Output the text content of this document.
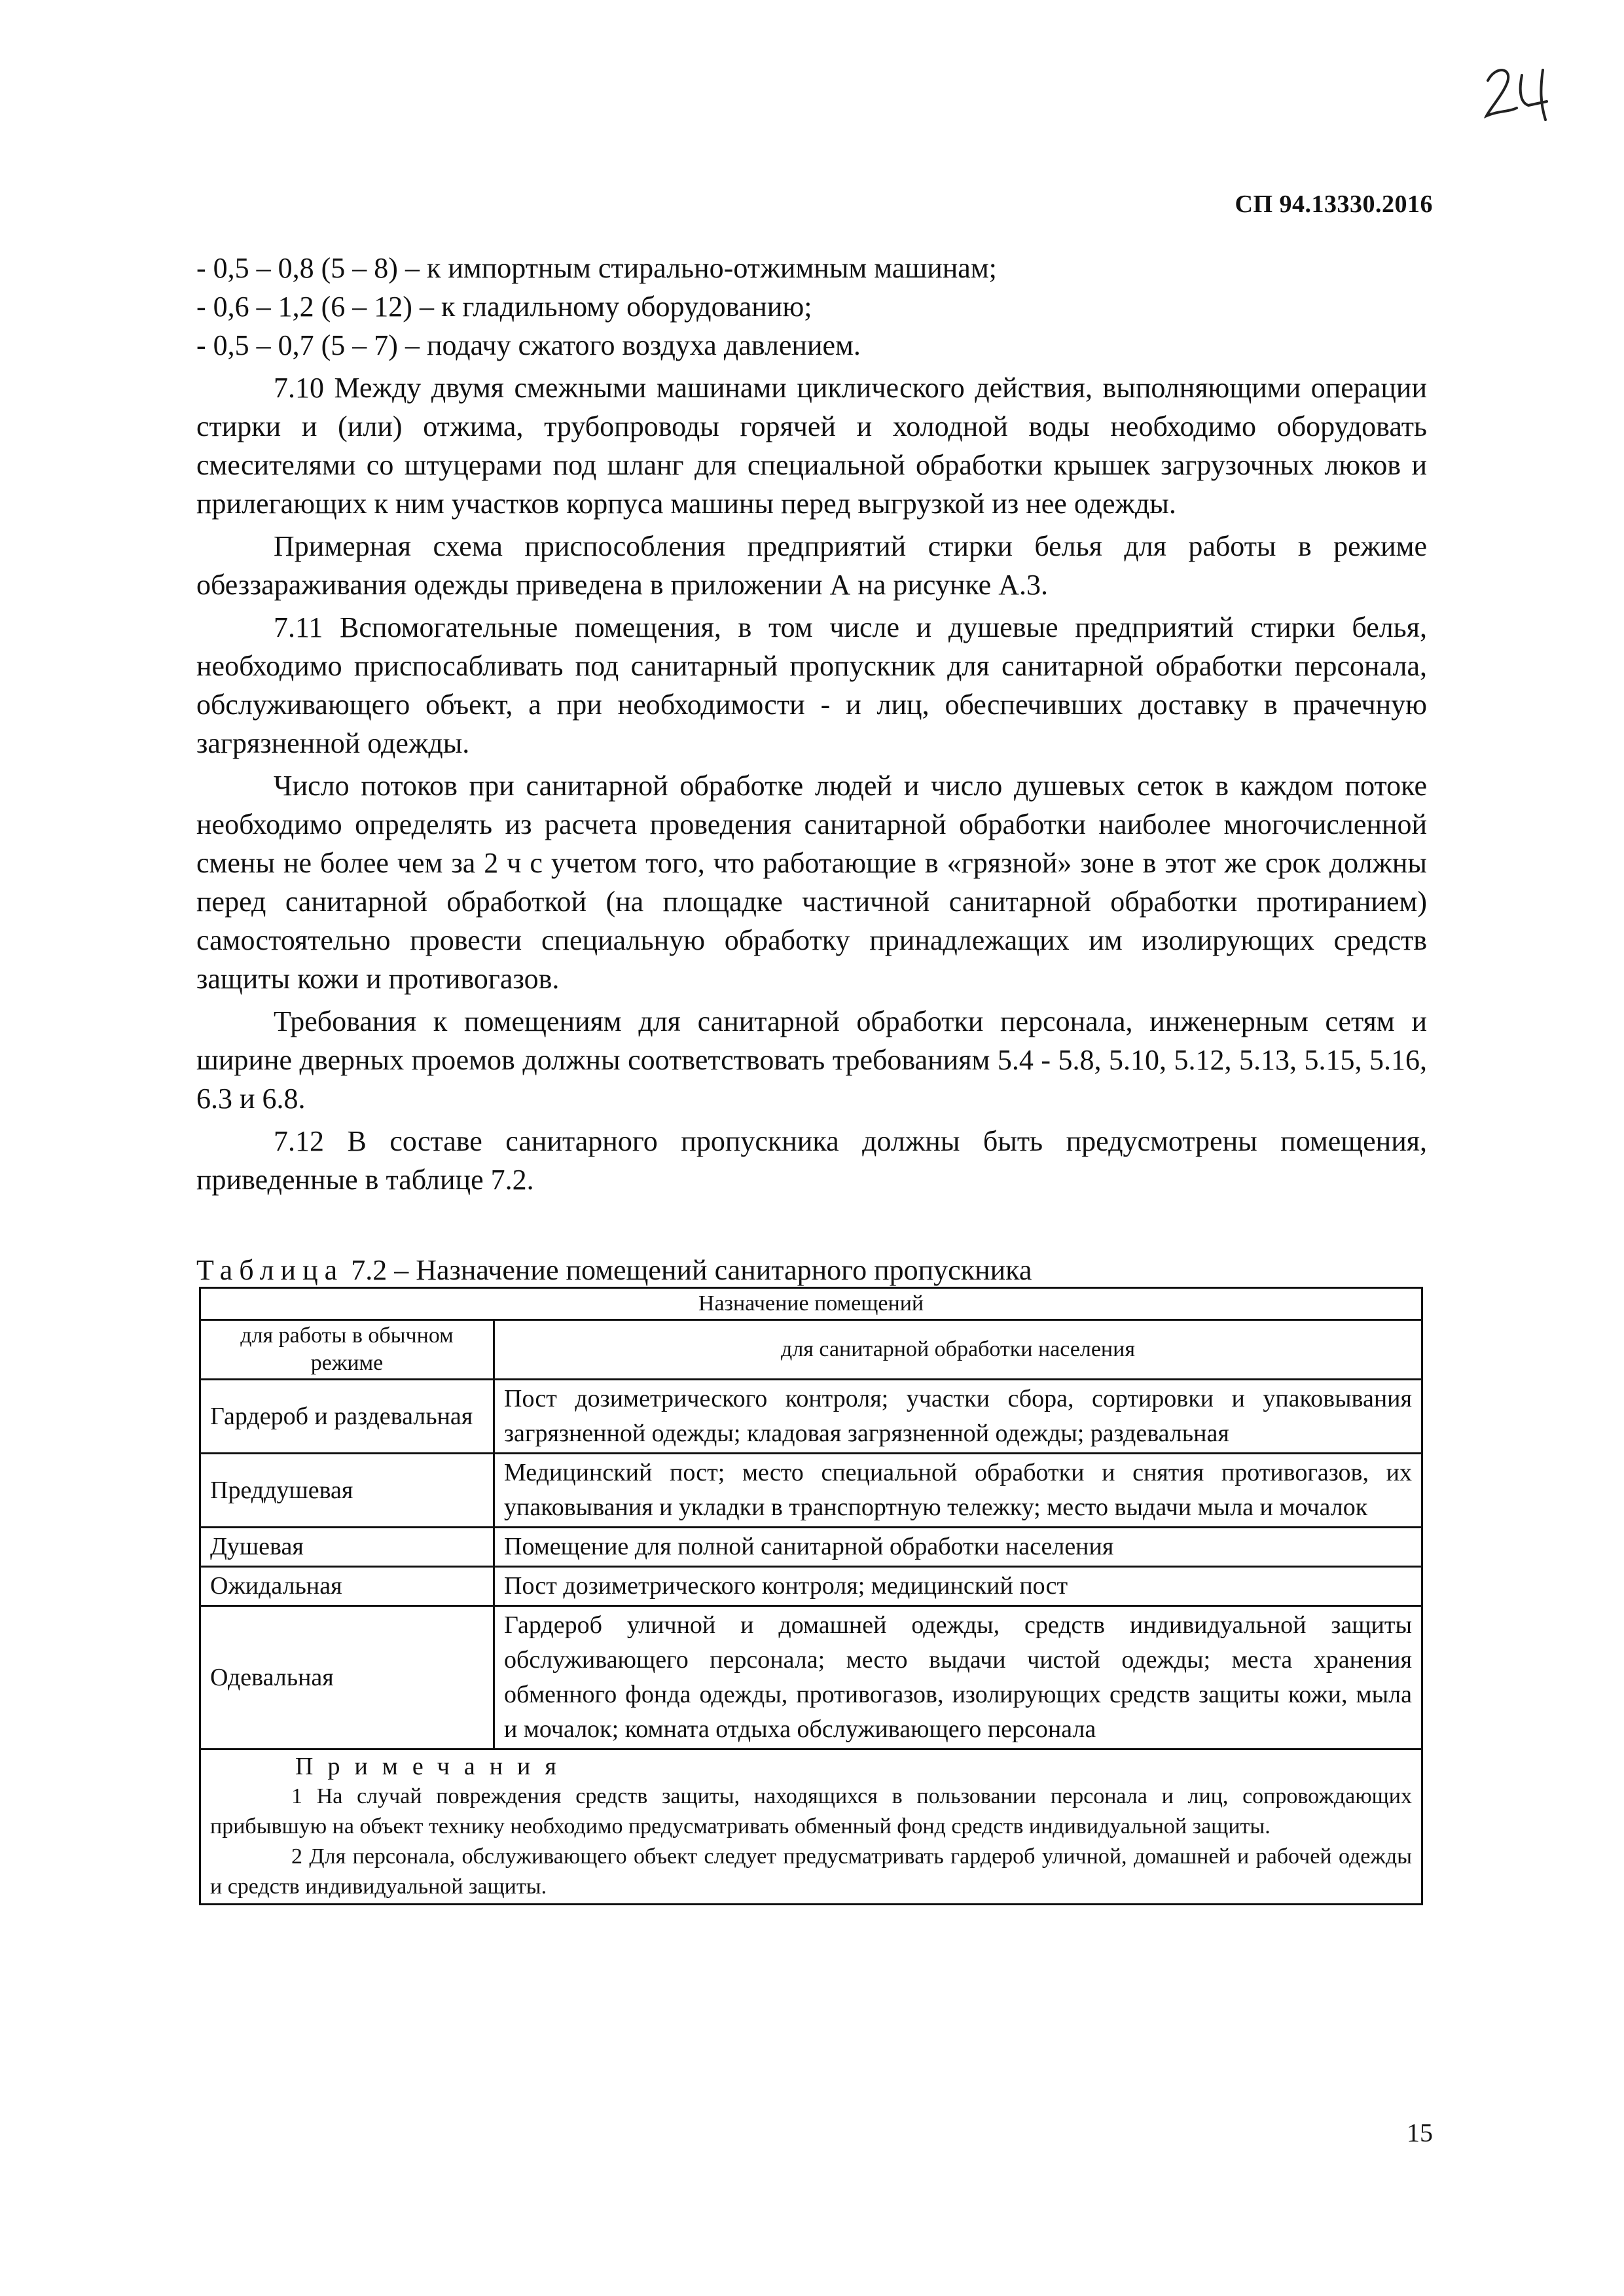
СП 94.13330.2016

- 0,5 – 0,8 (5 – 8) – к импортным стирально-отжимным машинам;

- 0,6 – 1,2 (6 – 12) – к гладильному оборудованию;

- 0,5 – 0,7 (5 – 7) – подачу сжатого воздуха давлением.

7.10 Между двумя смежными машинами циклического действия, выполняющими операции стирки и (или) отжима, трубопроводы горячей и холодной воды необходимо оборудовать смесителями со штуцерами под шланг для специальной обработки крышек загрузочных люков и прилегающих к ним участков корпуса машины перед выгрузкой из нее одежды.

Примерная схема приспособления предприятий стирки белья для работы в режиме обеззараживания одежды приведена в приложении А на рисунке А.3.

7.11 Вспомогательные помещения, в том числе и душевые предприятий стирки белья, необходимо приспосабливать под санитарный пропускник для санитарной обработки персонала, обслуживающего объект, а при необходимости - и лиц, обеспечивших доставку в прачечную загрязненной одежды.

Число потоков при санитарной обработке людей и число душевых сеток в каждом потоке необходимо определять из расчета проведения санитарной обработки наиболее многочисленной смены не более чем за 2 ч с учетом того, что работающие в «грязной» зоне в этот же срок должны перед санитарной обработкой (на площадке частичной санитарной обработки протиранием) самостоятельно провести специальную обработку принадлежащих им изолирующих средств защиты кожи и противогазов.

Требования к помещениям для санитарной обработки персонала, инженерным сетям и ширине дверных проемов должны соответствовать требованиям 5.4 - 5.8, 5.10, 5.12, 5.13, 5.15, 5.16, 6.3 и 6.8.

7.12 В составе санитарного пропускника должны быть предусмотрены помещения, приведенные в таблице 7.2.

Таблица 7.2 – Назначение помещений санитарного пропускника

Назначение помещений	
для работы в обычном режиме	для санитарной обработки населения
Гардероб и раздевальная	Пост дозиметрического контроля; участки сбора, сортировки и упаковывания загрязненной одежды; кладовая загрязненной одежды; раздевальная
Преддушевая	Медицинский пост; место специальной обработки и снятия противогазов, их упаковывания и укладки в транспортную тележку; место выдачи мыла и мочалок
Душевая	Помещение для полной санитарной обработки населения
Ожидальная	Пост дозиметрического контроля; медицинский пост
Одевальная	Гардероб уличной и домашней одежды, средств индивидуальной защиты обслуживающего персонала; место выдачи чистой одежды; места хранения обменного фонда одежды, противогазов, изолирующих средств защиты кожи, мыла и мочалок; комната отдыха обслуживающего персонала

Примечания

1 На случай повреждения средств защиты, находящихся в пользовании персонала и лиц, сопровождающих прибывшую на объект технику необходимо предусматривать обменный фонд средств индивидуальной защиты.

2 Для персонала, обслуживающего объект следует предусматривать гардероб уличной, домашней и рабочей одежды и средств индивидуальной защиты.	

15
